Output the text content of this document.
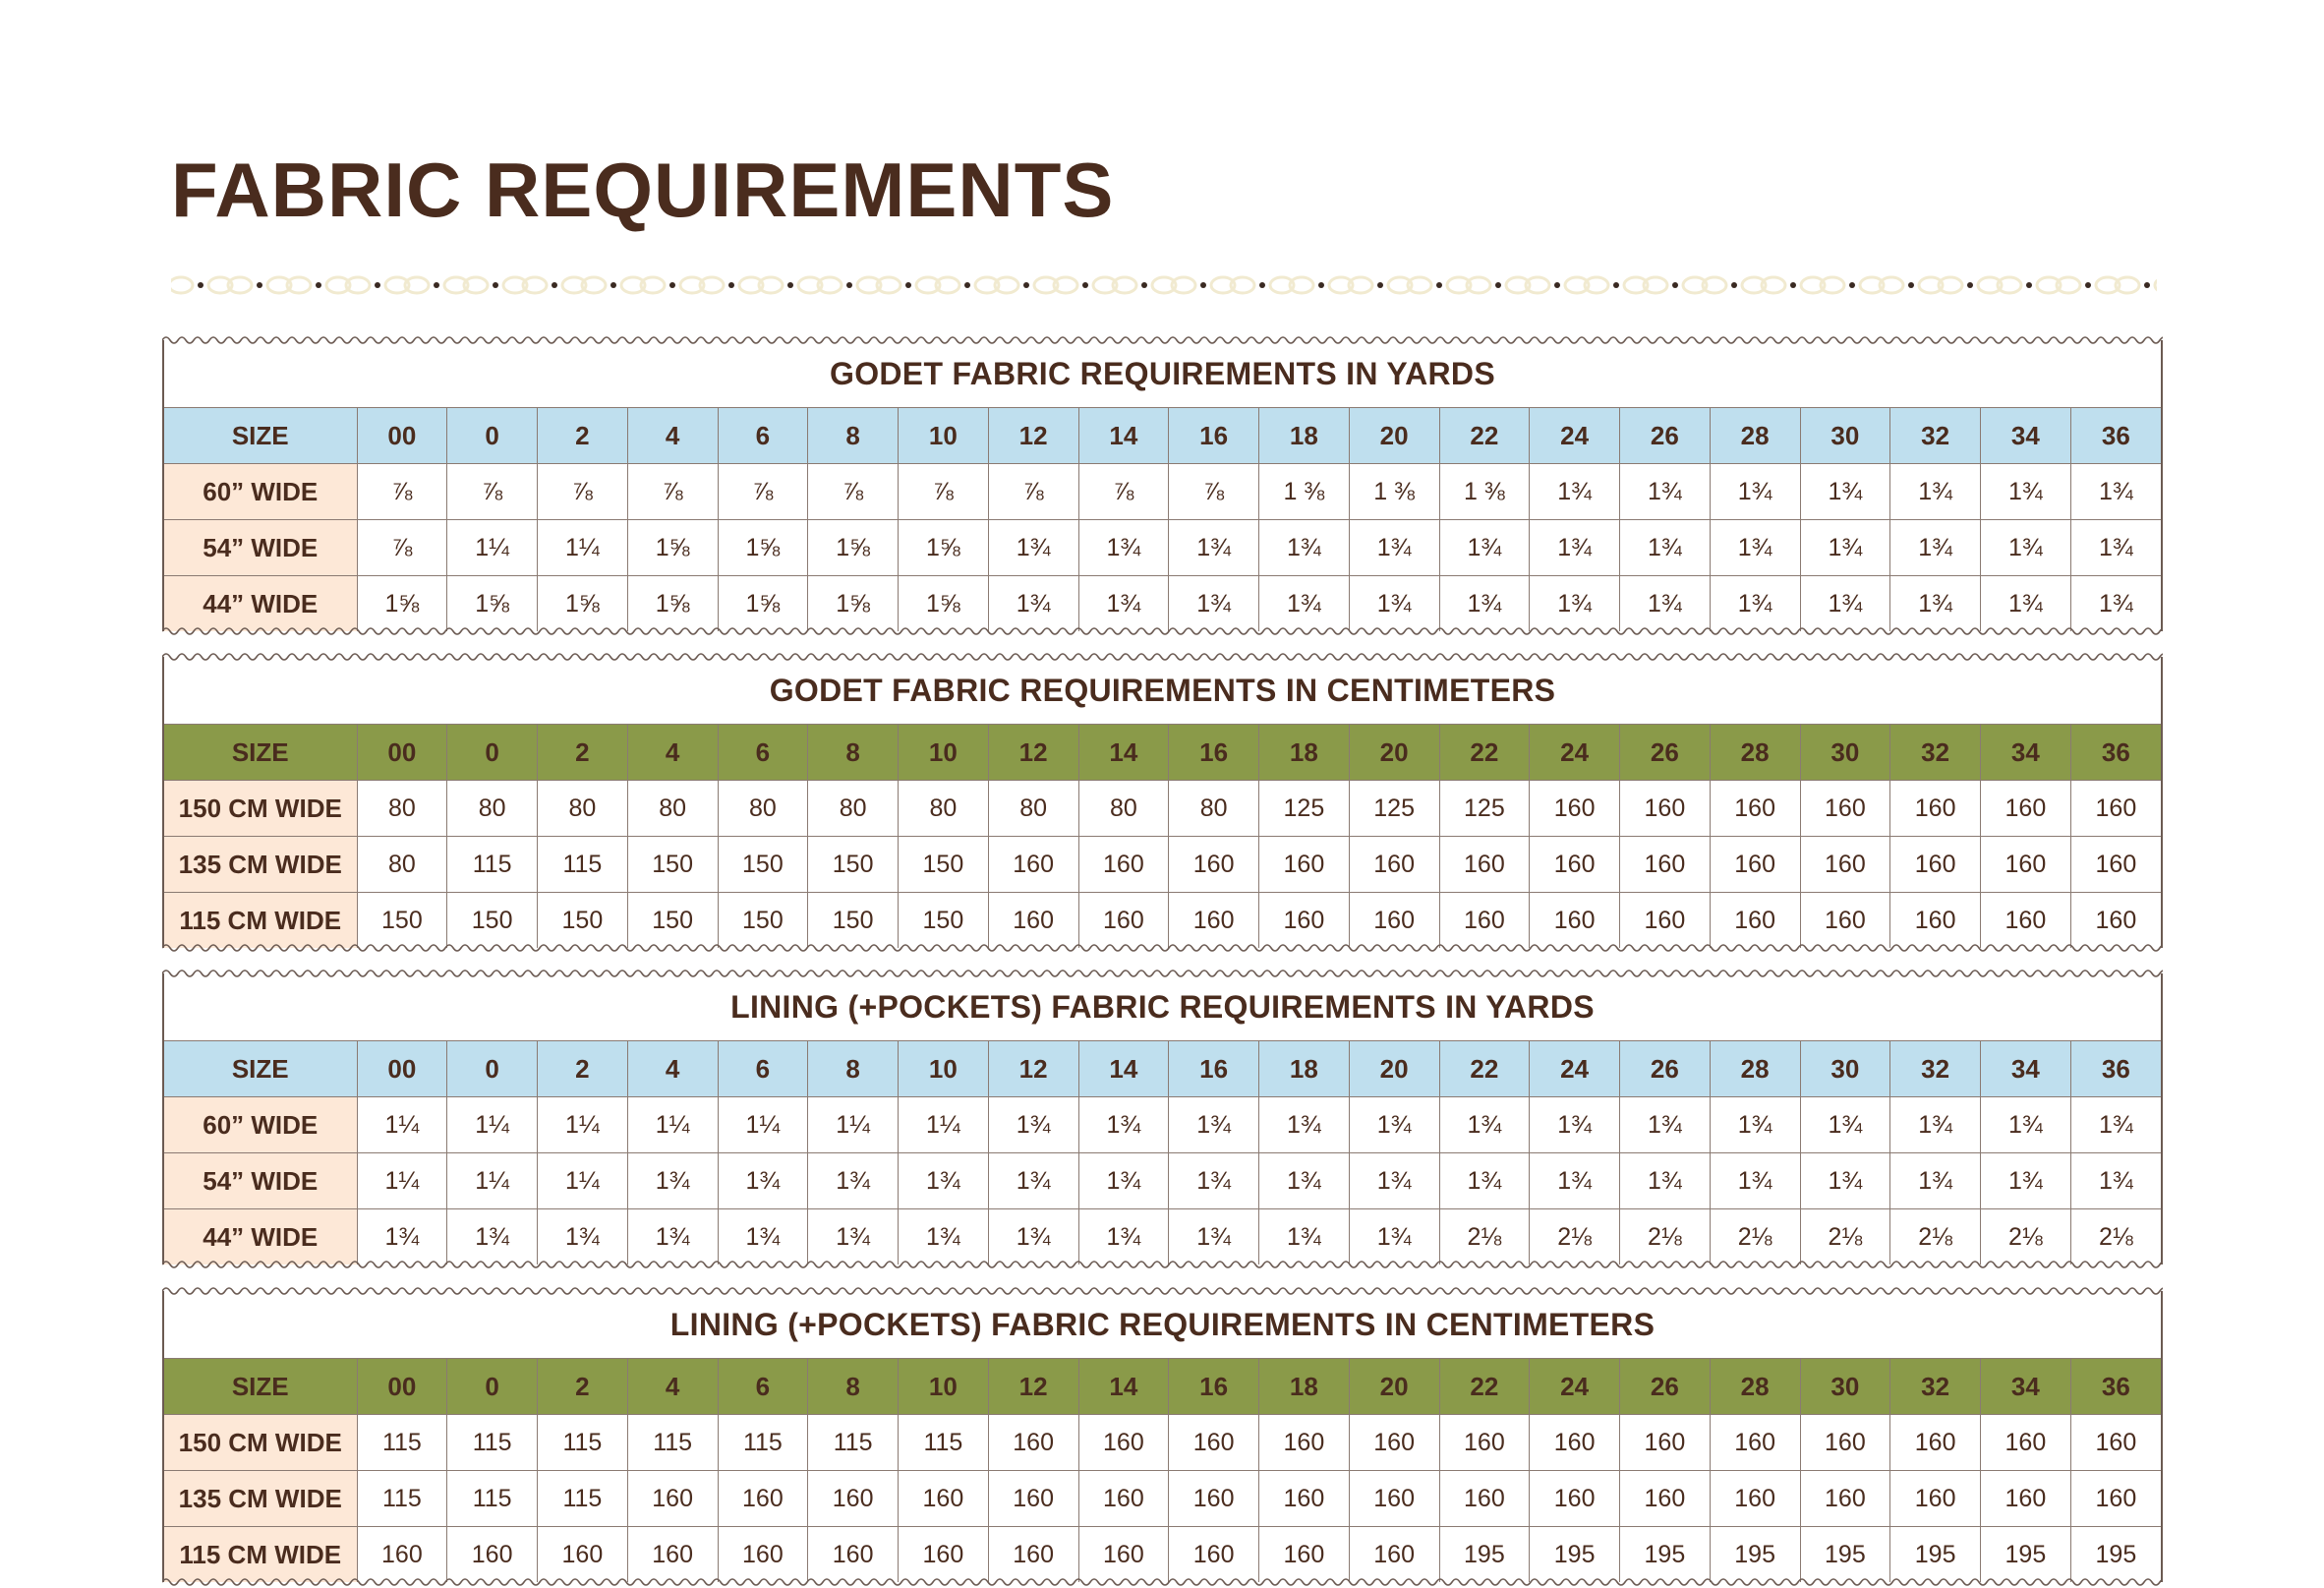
FABRIC REQUIREMENTS
GODET FABRIC REQUIREMENTS IN YARDS
SIZE	00	0	2	4	6	8	10	12	14	16	18	20	22	24	26	28	30	32	34	36
60” WIDE	⅞	⅞	⅞	⅞	⅞	⅞	⅞	⅞	⅞	⅞	1 ⅜	1 ⅜	1 ⅜	1¾	1¾	1¾	1¾	1¾	1¾	1¾
54” WIDE	⅞	1¼	1¼	1⅝	1⅝	1⅝	1⅝	1¾	1¾	1¾	1¾	1¾	1¾	1¾	1¾	1¾	1¾	1¾	1¾	1¾
44” WIDE	1⅝	1⅝	1⅝	1⅝	1⅝	1⅝	1⅝	1¾	1¾	1¾	1¾	1¾	1¾	1¾	1¾	1¾	1¾	1¾	1¾	1¾
GODET FABRIC REQUIREMENTS IN CENTIMETERS
SIZE	00	0	2	4	6	8	10	12	14	16	18	20	22	24	26	28	30	32	34	36
150 CM WIDE	80	80	80	80	80	80	80	80	80	80	125	125	125	160	160	160	160	160	160	160
135 CM WIDE	80	115	115	150	150	150	150	160	160	160	160	160	160	160	160	160	160	160	160	160
115 CM WIDE	150	150	150	150	150	150	150	160	160	160	160	160	160	160	160	160	160	160	160	160
LINING (+POCKETS) FABRIC REQUIREMENTS IN YARDS
SIZE	00	0	2	4	6	8	10	12	14	16	18	20	22	24	26	28	30	32	34	36
60” WIDE	1¼	1¼	1¼	1¼	1¼	1¼	1¼	1¾	1¾	1¾	1¾	1¾	1¾	1¾	1¾	1¾	1¾	1¾	1¾	1¾
54” WIDE	1¼	1¼	1¼	1¾	1¾	1¾	1¾	1¾	1¾	1¾	1¾	1¾	1¾	1¾	1¾	1¾	1¾	1¾	1¾	1¾
44” WIDE	1¾	1¾	1¾	1¾	1¾	1¾	1¾	1¾	1¾	1¾	1¾	1¾	2⅛	2⅛	2⅛	2⅛	2⅛	2⅛	2⅛	2⅛
LINING (+POCKETS) FABRIC REQUIREMENTS IN CENTIMETERS
SIZE	00	0	2	4	6	8	10	12	14	16	18	20	22	24	26	28	30	32	34	36
150 CM WIDE	115	115	115	115	115	115	115	160	160	160	160	160	160	160	160	160	160	160	160	160
135 CM WIDE	115	115	115	160	160	160	160	160	160	160	160	160	160	160	160	160	160	160	160	160
115 CM WIDE	160	160	160	160	160	160	160	160	160	160	160	160	195	195	195	195	195	195	195	195
